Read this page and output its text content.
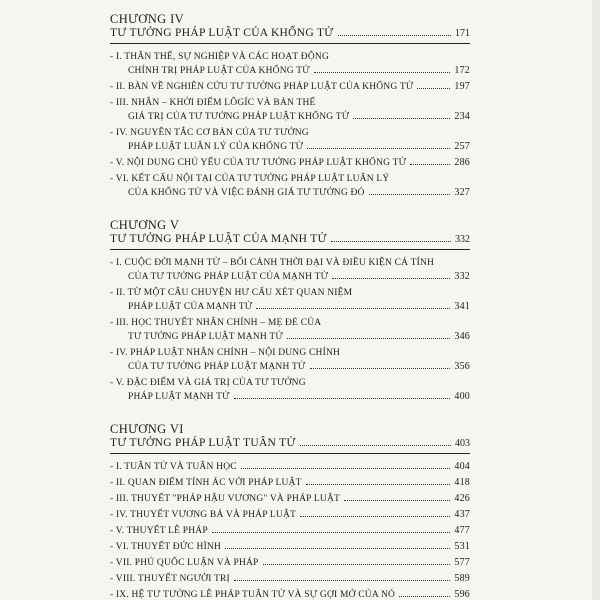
CHƯƠNG IV
TƯ TƯỞNG PHÁP LUẬT CỦA KHỔNG TỬ	171
- I. THÂN THẾ, SỰ NGHIỆP VÀ CÁC HOẠT ĐỘNG
CHÍNH TRỊ PHÁP LUẬT CỦA KHỔNG TỬ	172
- II. BÀN VỀ NGHIÊN CỨU TƯ TƯỞNG PHÁP LUẬT CỦA KHỔNG TỬ	197
- III. NHÂN – KHỞI ĐIỂM LÔGÍC VÀ BẢN THỂ
GIÁ TRỊ CỦA TƯ TƯỞNG PHÁP LUẬT KHỔNG TỬ	234
- IV. NGUYÊN TẮC CƠ BẢN CỦA TƯ TƯỞNG
PHÁP LUẬT LUÂN LÝ CỦA KHỔNG TỬ	257
- V. NỘI DUNG CHỦ YẾU CỦA TƯ TƯỞNG PHÁP LUẬT KHỔNG TỬ	286
- VI. KẾT CẤU NỘI TẠI CỦA TƯ TƯỞNG PHÁP LUẬT LUÂN LÝ
CỦA KHỔNG TỬ VÀ VIỆC ĐÁNH GIÁ TƯ TƯỞNG ĐÓ	327
CHƯƠNG V
TƯ TƯỞNG PHÁP LUẬT CỦA MẠNH TỬ	332
- I. CUỘC ĐỜI MẠNH TỬ – BỐI CẢNH THỜI ĐẠI VÀ ĐIỀU KIỆN CÁ TÍNH
CỦA TƯ TƯỞNG PHÁP LUẬT CỦA MẠNH TỬ	332
- II. TỪ MỘT CÂU CHUYỆN HƯ CẤU XÉT QUAN NIỆM
PHÁP LUẬT CỦA MẠNH TỬ	341
- III. HỌC THUYẾT NHÂN CHÍNH – MẸ ĐẺ CỦA
TƯ TƯỞNG PHÁP LUẬT MẠNH TỬ	346
- IV. PHÁP LUẬT NHÂN CHÍNH – NỘI DUNG CHÍNH
CỦA TƯ TƯỞNG PHÁP LUẬT MẠNH TỬ	356
- V. ĐẶC ĐIỂM VÀ GIÁ TRỊ CỦA TƯ TƯỞNG
PHÁP LUẬT MẠNH TỬ	400
CHƯƠNG VI
TƯ TƯỞNG PHÁP LUẬT TUÂN TỬ	403
- I. TUÂN TỬ VÀ TUÂN HỌC	404
- II. QUAN ĐIỂM TÍNH ÁC VỚI PHÁP LUẬT	418
- III. THUYẾT "PHÁP HẬU VƯƠNG" VÀ PHÁP LUẬT	426
- IV. THUYẾT VƯƠNG BÁ VÀ PHÁP LUẬT	437
- V. THUYẾT LỄ PHÁP	477
- VI. THUYẾT ĐỨC HÌNH	531
- VII. PHÚ QUỐC LUẬN VÀ PHÁP	577
- VIII. THUYẾT NGƯỜI TRỊ	589
- IX. HỆ TƯ TƯỞNG LỄ PHÁP TUÂN TỬ VÀ SỰ GỢI MỞ CỦA NÓ	596
